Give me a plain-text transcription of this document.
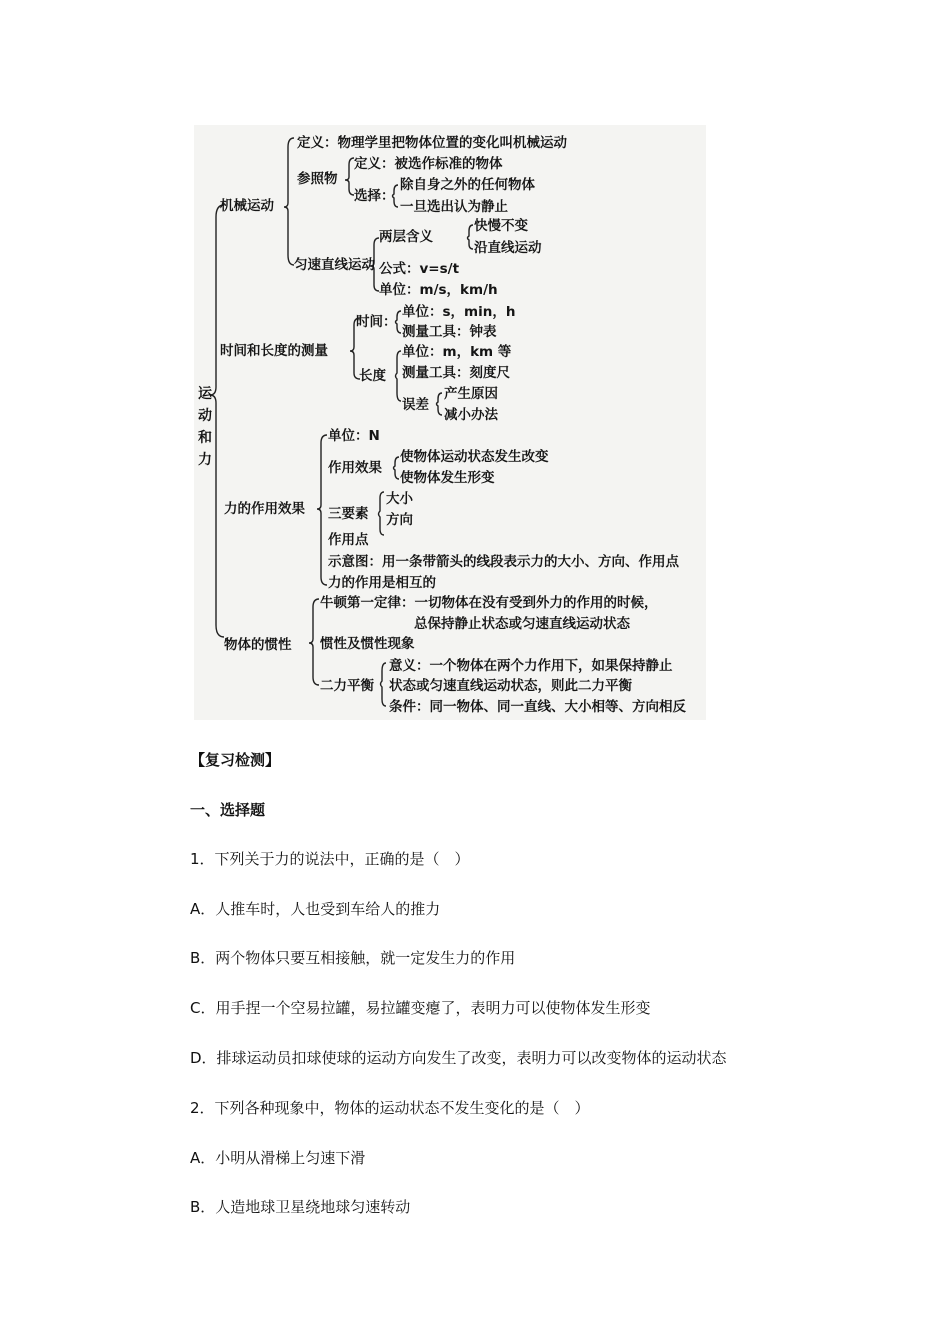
运动和力
机械运动
定义：物理学里把物体位置的变化叫机械运动
参照物
定义：被选作标准的物体
选择：
除自身之外的任何物体
一旦选出认为静止
匀速直线运动
两层含义
快慢不变
沿直线运动
公式：v=s/t
单位：m/s，km/h
时间和长度的测量
时间：
单位：s，min，h
测量工具：钟表
长度
单位：m，km 等
测量工具：刻度尺
误差
产生原因
减小办法
力的作用效果
单位：N
作用效果
使物体运动状态发生改变
使物体发生形变
三要素
大小
方向
作用点
示意图：用一条带箭头的线段表示力的大小、方向、作用点
力的作用是相互的
物体的惯性
牛顿第一定律：一切物体在没有受到外力的作用的时候，
总保持静止状态或匀速直线运动状态
惯性及惯性现象
二力平衡
意义：一个物体在两个力作用下，如果保持静止
状态或匀速直线运动状态，则此二力平衡
条件：同一物体、同一直线、大小相等、方向相反
【复习检测】
一、选择题
1．下列关于力的说法中，正确的是（　）
A．人推车时，人也受到车给人的推力
B．两个物体只要互相接触，就一定发生力的作用
C．用手捏一个空易拉罐，易拉罐变瘪了，表明力可以使物体发生形变
D．排球运动员扣球使球的运动方向发生了改变，表明力可以改变物体的运动状态
2．下列各种现象中，物体的运动状态不发生变化的是（　）
A．小明从滑梯上匀速下滑
B．人造地球卫星绕地球匀速转动
